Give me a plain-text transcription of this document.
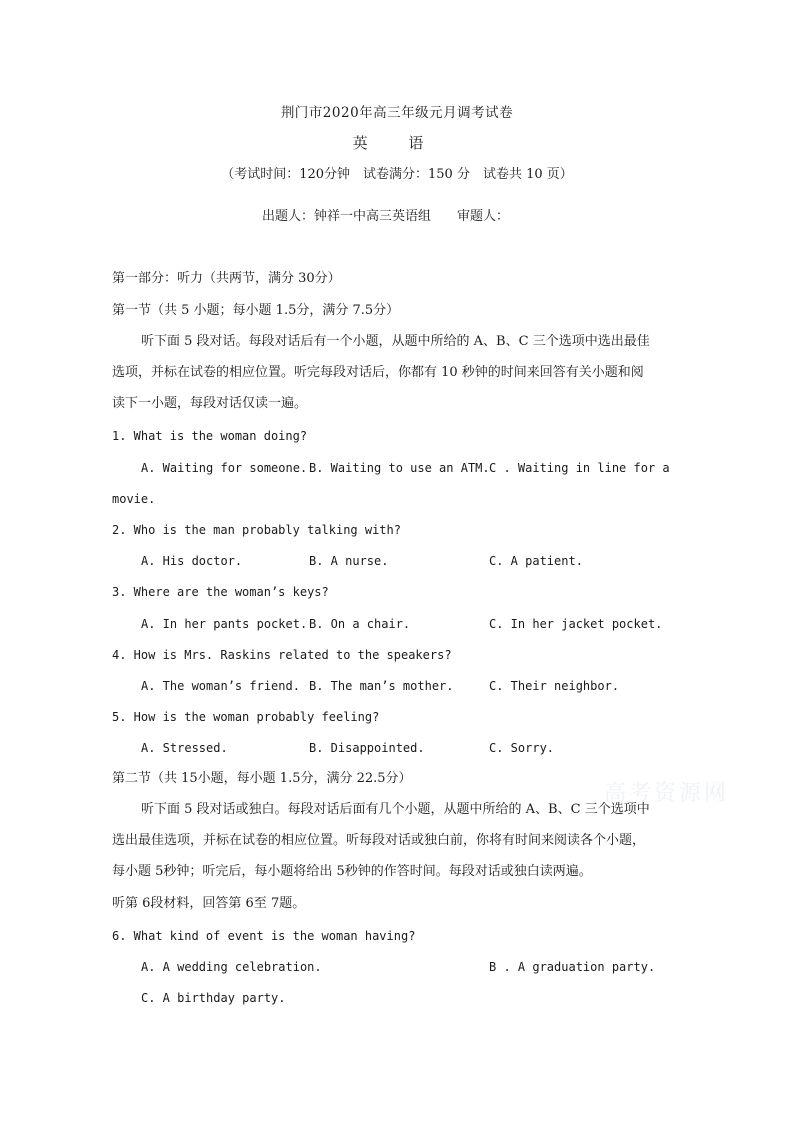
荆门市2020年高三年级元月调考试卷
英 语
（考试时间：120分钟　试卷满分：150 分　试卷共 10 页）
出题人：钟祥一中高三英语组　　审题人：
第一部分：听力（共两节，满分 30分）
第一节（共 5 小题；每小题 1.5分，满分 7.5分）
听下面 5 段对话。每段对话后有一个小题，从题中所给的 A、B、C 三个选项中选出最佳
选项，并标在试卷的相应位置。听完每段对话后，你都有 10 秒钟的时间来回答有关小题和阅
读下一小题，每段对话仅读一遍。
1. What is the woman doing?
A. Waiting for someone. B. Waiting to use an ATM. C . Waiting in line for a
movie.
2. Who is the man probably talking with?
A. His doctor.	B. A nurse.	C. A patient.
3. Where are the woman’s keys?
A. In her pants pocket. B. On a chair.	C. In her jacket pocket.
4. How is Mrs. Raskins related to the speakers?
A. The woman’s friend. B. The man’s mother.	C. Their neighbor.
5. How is the woman probably feeling?
A. Stressed.	B. Disappointed.	C. Sorry.
第二节（共 15小题，每小题 1.5分，满分 22.5分）
高考资源网
听下面 5 段对话或独白。每段对话后面有几个小题，从题中所给的 A、B、C 三个选项中
选出最佳选项，并标在试卷的相应位置。听每段对话或独白前，你将有时间来阅读各个小题，
每小题 5秒钟；听完后，每小题将给出 5秒钟的作答时间。每段对话或独白读两遍。
听第 6段材料，回答第 6至 7题。
6. What kind of event is the woman having?
A. A wedding celebration.	B . A graduation party.
C. A birthday party.
